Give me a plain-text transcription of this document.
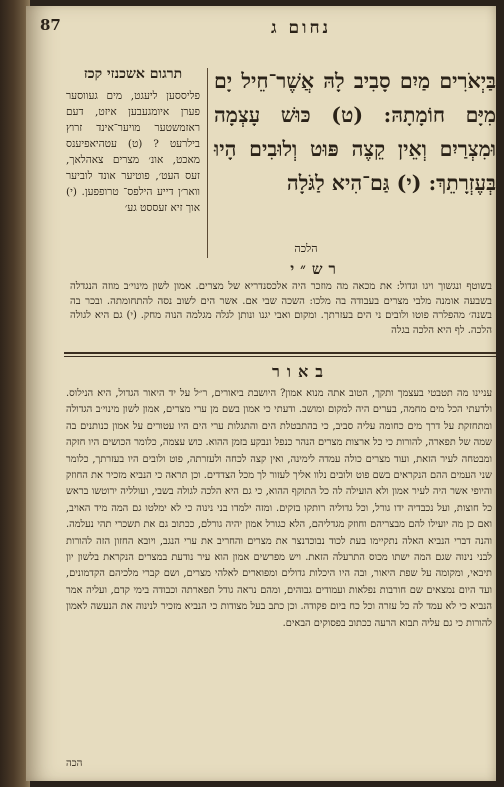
87	נחום ג
תרגום אשכנזי קכז
פליססען ליעגט, מים געווסער פערן איומגעבען איזט, דעם ראזמשטער מויער־אינד זרוץ בילרעט ? (ט) עטהיאפיענס מאכט, אונ׳ מצרים צאהלאך, זעס העט׳, פוטיער אונד לוביער וואר׳ן דייע הילפס־ טרופפען. (י) אוך זיא זעססט גע׳
בַּיְאֹרִים מַיִם סָבִיב לָהּ אֲשֶׁר־חֵיל יָם מִיָּם חוֹמָתָהּ: (ט) כּוּשׁ עָצְמָה וּמִצְרַיִם וְאֵין קֵצֶה פּוּט וְלוּבִים הָיוּ בְּעֶזְרָתֵךְ: (י) גַּם־הִיא לַגֹּלָה
הלכה
רש״י
בשוטף ונגשוך ויגו וגדול: את מכאה מה מוזכר היה אלכסנדריא של מצרים. אמון לשון מינוי׳ב מוזה הנגדלה בשבעה אומנה מלבי מצרים בעבודה בה מלכו: השכה שבי אם. אשר הים לשוב נסה להתחומתה. ובכר בה בשנה׳ מהפלרה פוטו ולובים ני הים בעזרתך. ומקום ואבי יגנו ונותן לגלה מגלמה הנוה מחק. (י) גם היא לגולה הלכה. לף היא הלכה בגלה
באור
עניינו מה תטבטי בעצמך ותקך, הטוב אתה מנוא אמון? היושבת ביאורים, ר״ל על יד היאור הגדול, היא הנילוס. ולדעתי הכל מים מחמה, בערים היה למקום ומושב. ודעתי כי אמון בשם מן ערי מצרים, אמון לשון מינוי׳ב הגדולה ומתחזקת על דרך מים כחומה עליה סביב, כי בהתבטלת הים והתגלות ערי הים היו עטורים על אמון כנותנים בה שמה של תפארה, להורות כי כל ארצות מצרים הנהר כנפל ונבקע בזמן ההוא. כוש עצמה, כלומר הכושים היו חזקה ומבטחה לעיר הזאת, ועוד מצרים כולה עמדה לימינה, ואין קצה לכחה ולעזרתה, פוט ולובים היו בעזרתך, כלומר שני העמים ההם הנקראים בשם פוט ולובים נלוו אליך לעזור לך מכל הצדדים. וכן תראה כי הנביא מזכיר את החוזק והיופי אשר היה לעיר אמון ולא הועילה לה כל התוקף ההוא, כי גם היא הלכה לגולה בשבי, ועולליה ירוטשו בראש כל חוצות, ועל נכבדיה ידו גורל, וכל גדוליה רותקו בזקים. ומזה ילמדו בני נינוה כי לא ימלטו גם המה מיד האויב, ואם כן מה יועילו להם מבצריהם וחוזק מגדליהם, הלא כגורל אמון יהיה גורלם, ככתוב גם את תשכרי תהי נעלמה. והנה דברי הנביא האלה נתקיימו בעת לכוד נבוכדנצר את מצרים והחריב את ערי הנגב, ויובא החזון הזה להורות לבני נינוה שגם המה ישתו מכוס התרעלה הזאת. ויש מפרשים אמון הוא עיר נודעת במצרים הנקראת בלשון יון תיבאי, ומקומה על שפת היאור, ובה היו היכלות גדולים ומפוארים לאלהי מצרים, ושם קברי מלכיהם הקדמונים, ועד היום נמצאים שם חורבות נפלאות ועמודים גבוהים, ומהם נראה גודל תפארתה וכבודה בימי קדם, ועליה אמר הנביא כי לא עמד לה כל עזרה וכל כח ביום פקודה. וכן כתב בעל מצודות כי הנביא מזכיר לנינוה את הנעשה לאמון להורות כי גם עליה תבוא הרעה ככתוב בפסוקים הבאים.
הכה
